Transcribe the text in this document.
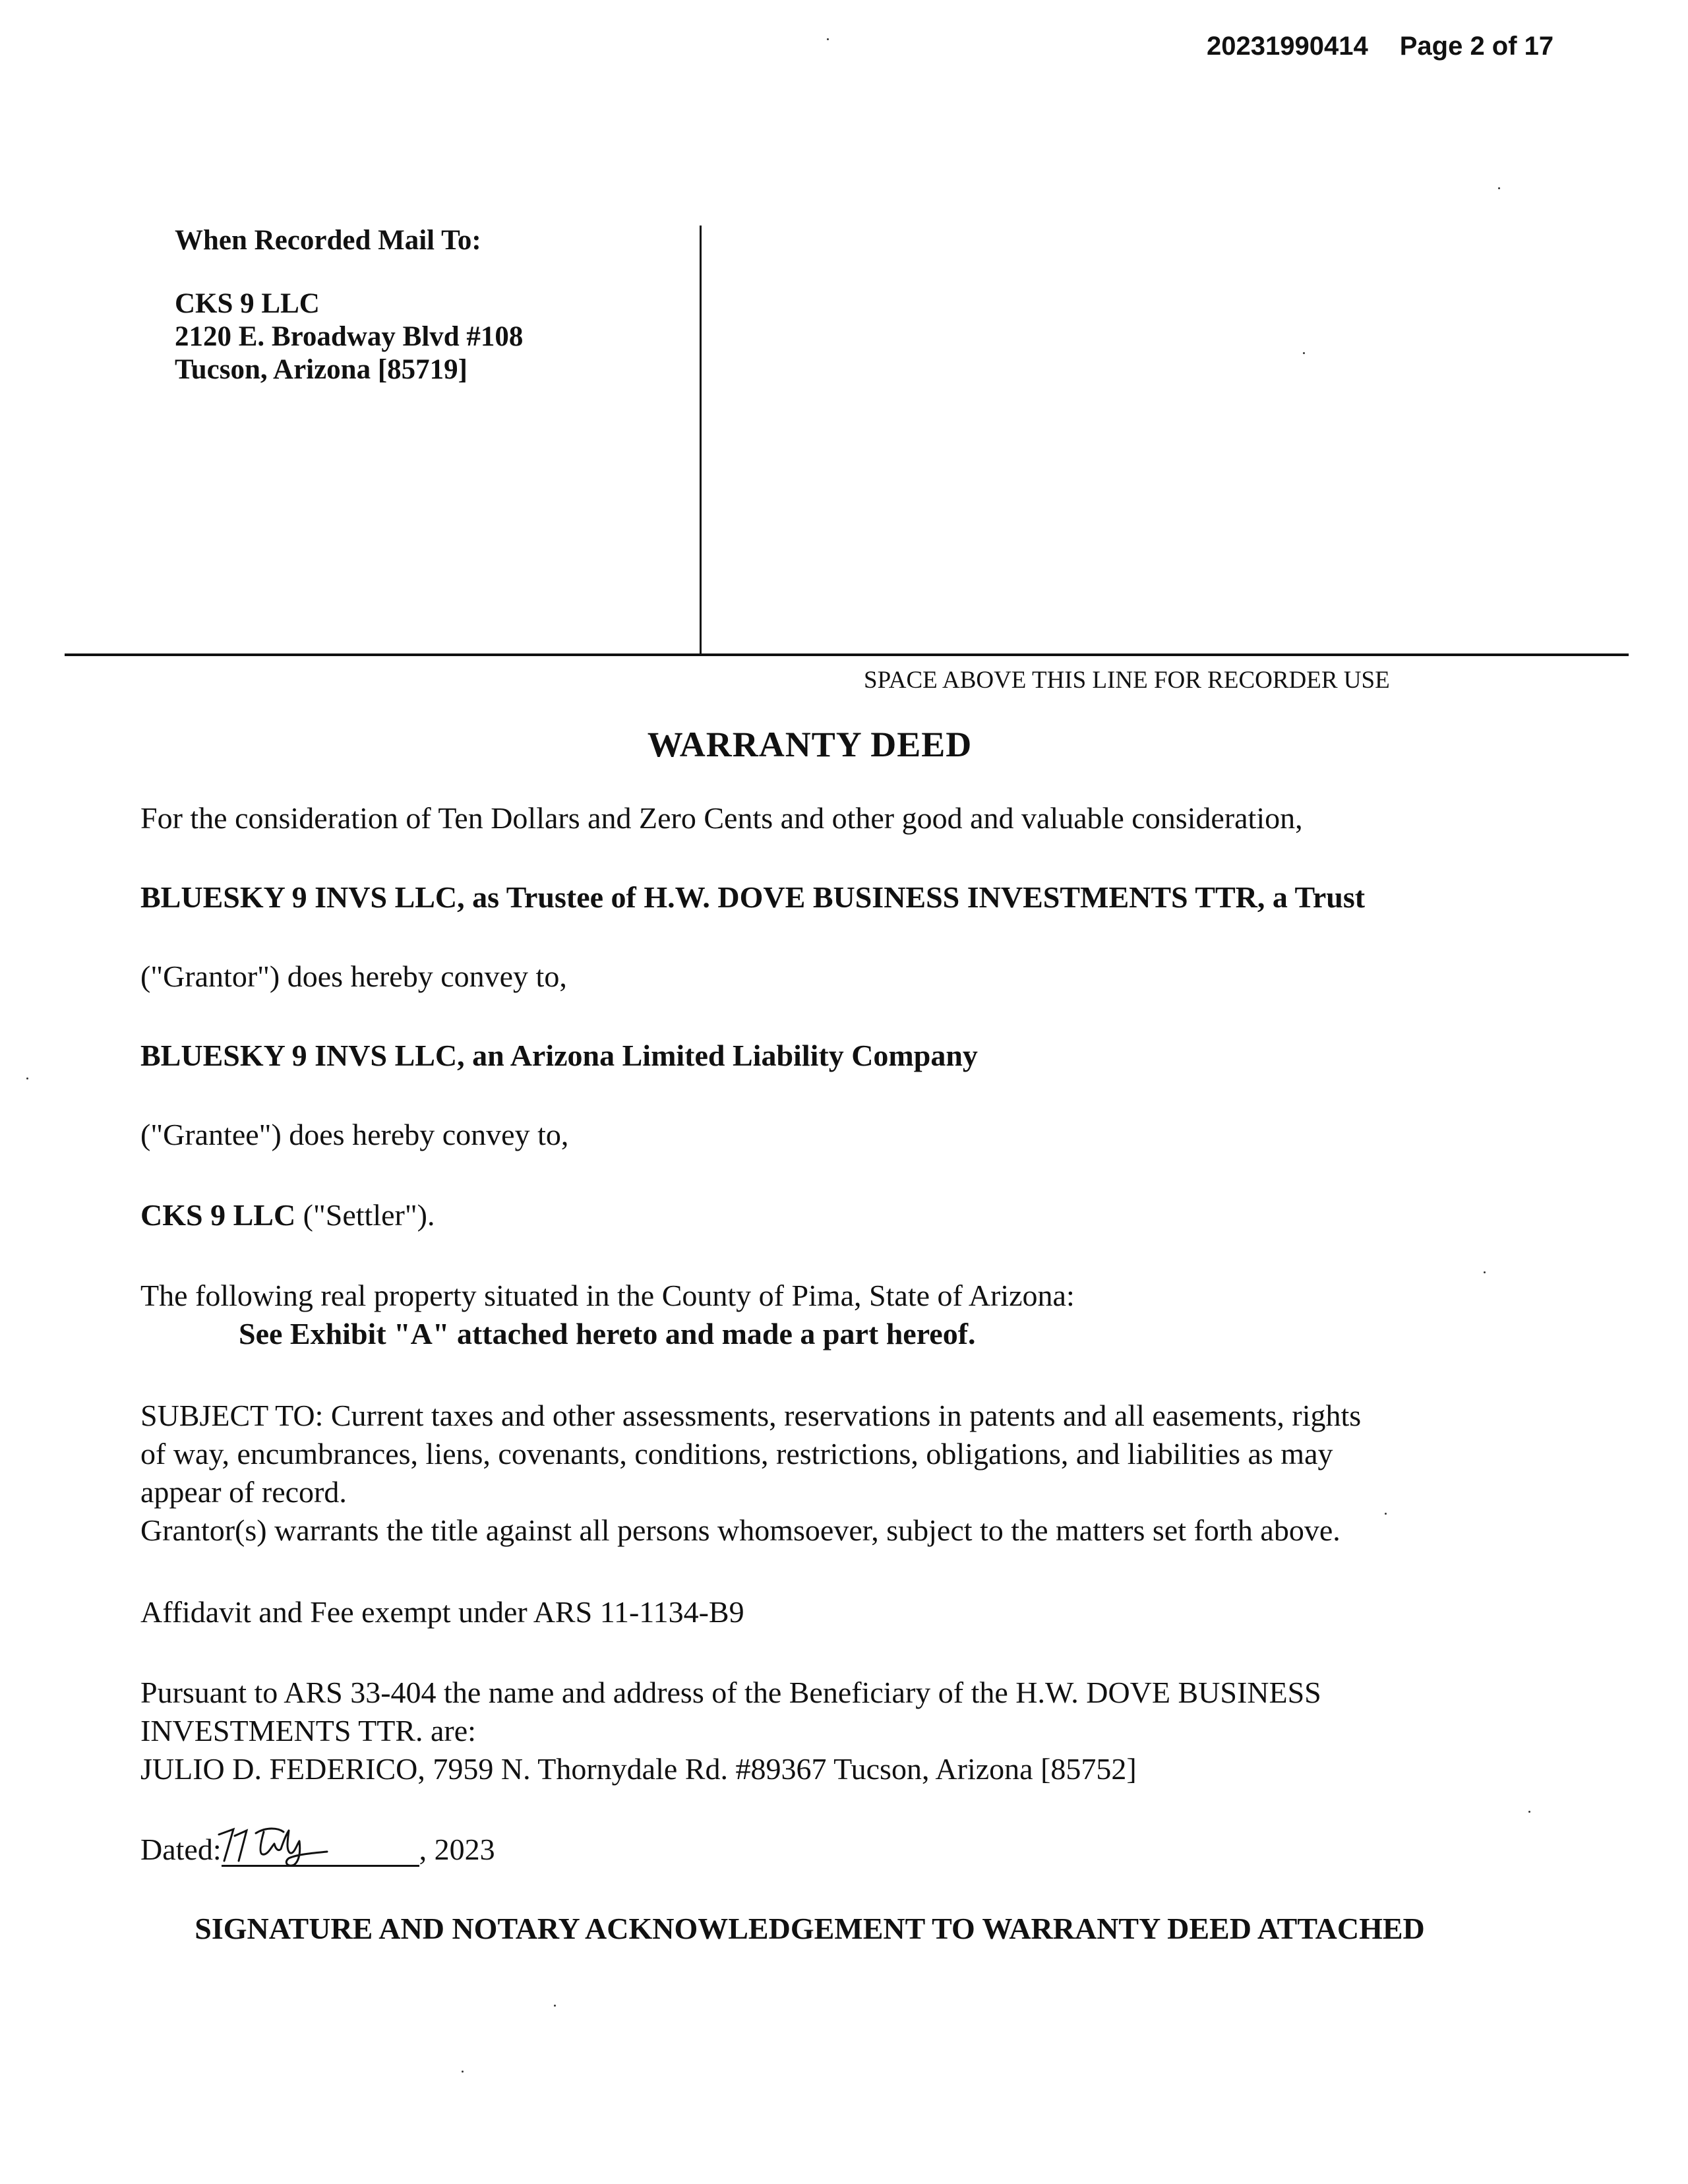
20231990414 Page 2 of 17
When Recorded Mail To:
CKS 9 LLC
2120 E. Broadway Blvd #108
Tucson, Arizona [85719]
SPACE ABOVE THIS LINE FOR RECORDER USE
WARRANTY DEED
For the consideration of Ten Dollars and Zero Cents and other good and valuable consideration,
BLUESKY 9 INVS LLC, as Trustee of H.W. DOVE BUSINESS INVESTMENTS TTR, a Trust
("Grantor") does hereby convey to,
BLUESKY 9 INVS LLC, an Arizona Limited Liability Company
("Grantee") does hereby convey to,
CKS 9 LLC ("Settler").
The following real property situated in the County of Pima, State of Arizona:
See Exhibit "A" attached hereto and made a part hereof.
SUBJECT TO: Current taxes and other assessments, reservations in patents and all easements, rights
of way, encumbrances, liens, covenants, conditions, restrictions, obligations, and liabilities as may
appear of record.
Grantor(s) warrants the title against all persons whomsoever, subject to the matters set forth above.
Affidavit and Fee exempt under ARS 11-1134-B9
Pursuant to ARS 33-404 the name and address of the Beneficiary of the H.W. DOVE BUSINESS
INVESTMENTS TTR. are:
JULIO D. FEDERICO, 7959 N. Thornydale Rd. #89367 Tucson, Arizona [85752]
Dated:	, 2023
SIGNATURE AND NOTARY ACKNOWLEDGEMENT TO WARRANTY DEED ATTACHED
